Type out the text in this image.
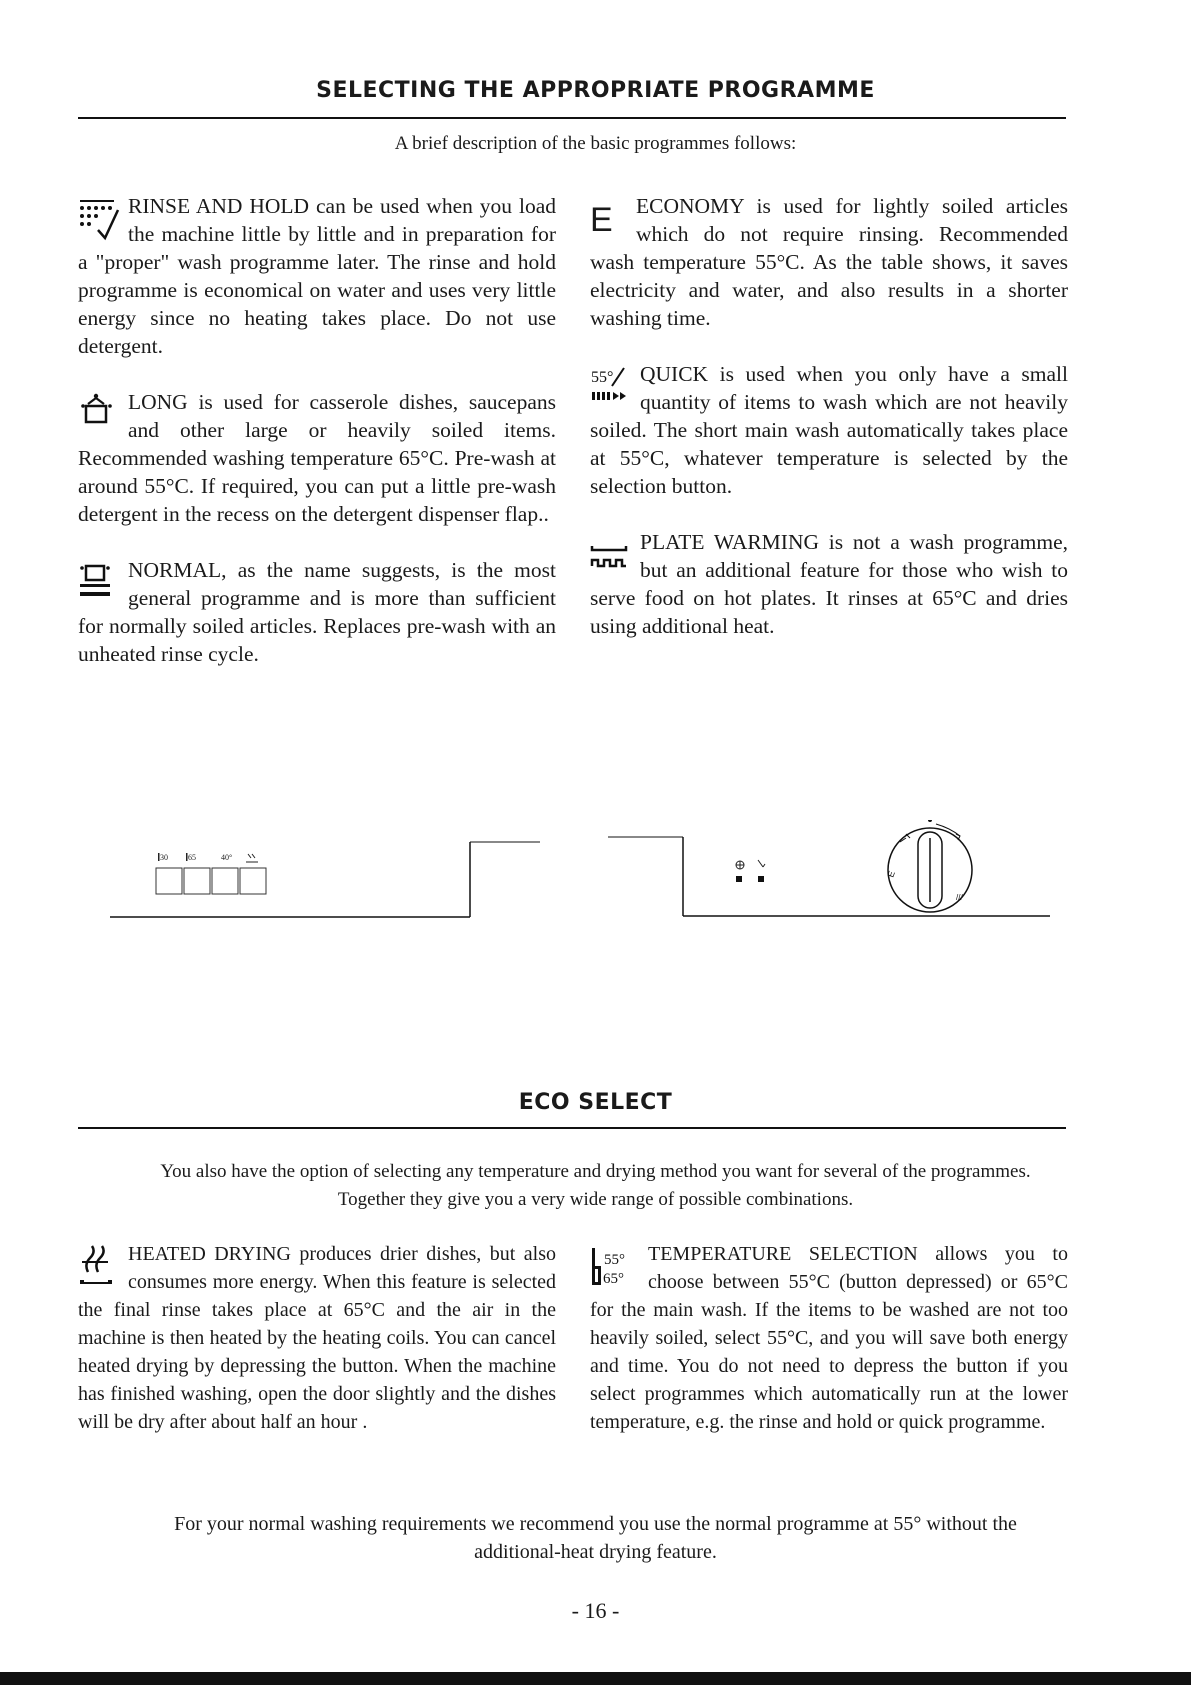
SELECTING THE APPROPRIATE PROGRAMME
A brief description of the basic programmes follows:

RINSE AND HOLD can be used when you load the machine little by little and in preparation for a "proper" wash programme later. The rinse and hold programme is economical on water and uses very little energy since no heating takes place. Do not use detergent.

LONG is used for casserole dishes, saucepans and other large or heavily soiled items. Recommended washing temperature 65°C. Pre-wash at around 55°C. If required, you can put a little pre-wash detergent in the recess on the detergent dispenser flap..

NORMAL, as the name suggests, is the most general programme and is more than sufficient for normally soiled articles. Replaces pre-wash with an unheated rinse cycle.

E	ECONOMY is used for lightly soiled articles which do not require rinsing. Recommended wash temperature 55°C. As the table shows, it saves electricity and water, and also results in a shorter washing time.

55° QUICK is used when you only have a small quantity of items to wash which are not heavily soiled. The short main wash automatically takes place at 55°C, whatever temperature is selected by the selection button.

PLATE WARMING is not a wash programme, but an additional feature for those who wish to serve food on hot plates. It rinses at 65°C and dries using additional heat.

30	65	40°
E
///
ECO SELECT
You also have the option of selecting any temperature and drying method you want for several of the programmes.
Together they give you a very wide range of possible combinations.

HEATED DRYING produces drier dishes, but also consumes more energy. When this feature is selected the final rinse takes place at 65°C and the air in the machine is then heated by the heating coils. You can cancel heated drying by depressing the button. When the machine has finished washing, open the door slightly and the dishes will be dry after about half an hour .

55°
65°
TEMPERATURE SELECTION allows you to choose between 55°C (button depressed) or 65°C for the main wash. If the items to be washed are not too heavily soiled, select 55°C, and you will save both energy and time. You do not need to depress the button if you select programmes which automatically run at the lower temperature, e.g. the rinse and hold or quick programme.

For your normal washing requirements we recommend you use the normal programme at 55° without the
additional-heat drying feature.
- 16 -
